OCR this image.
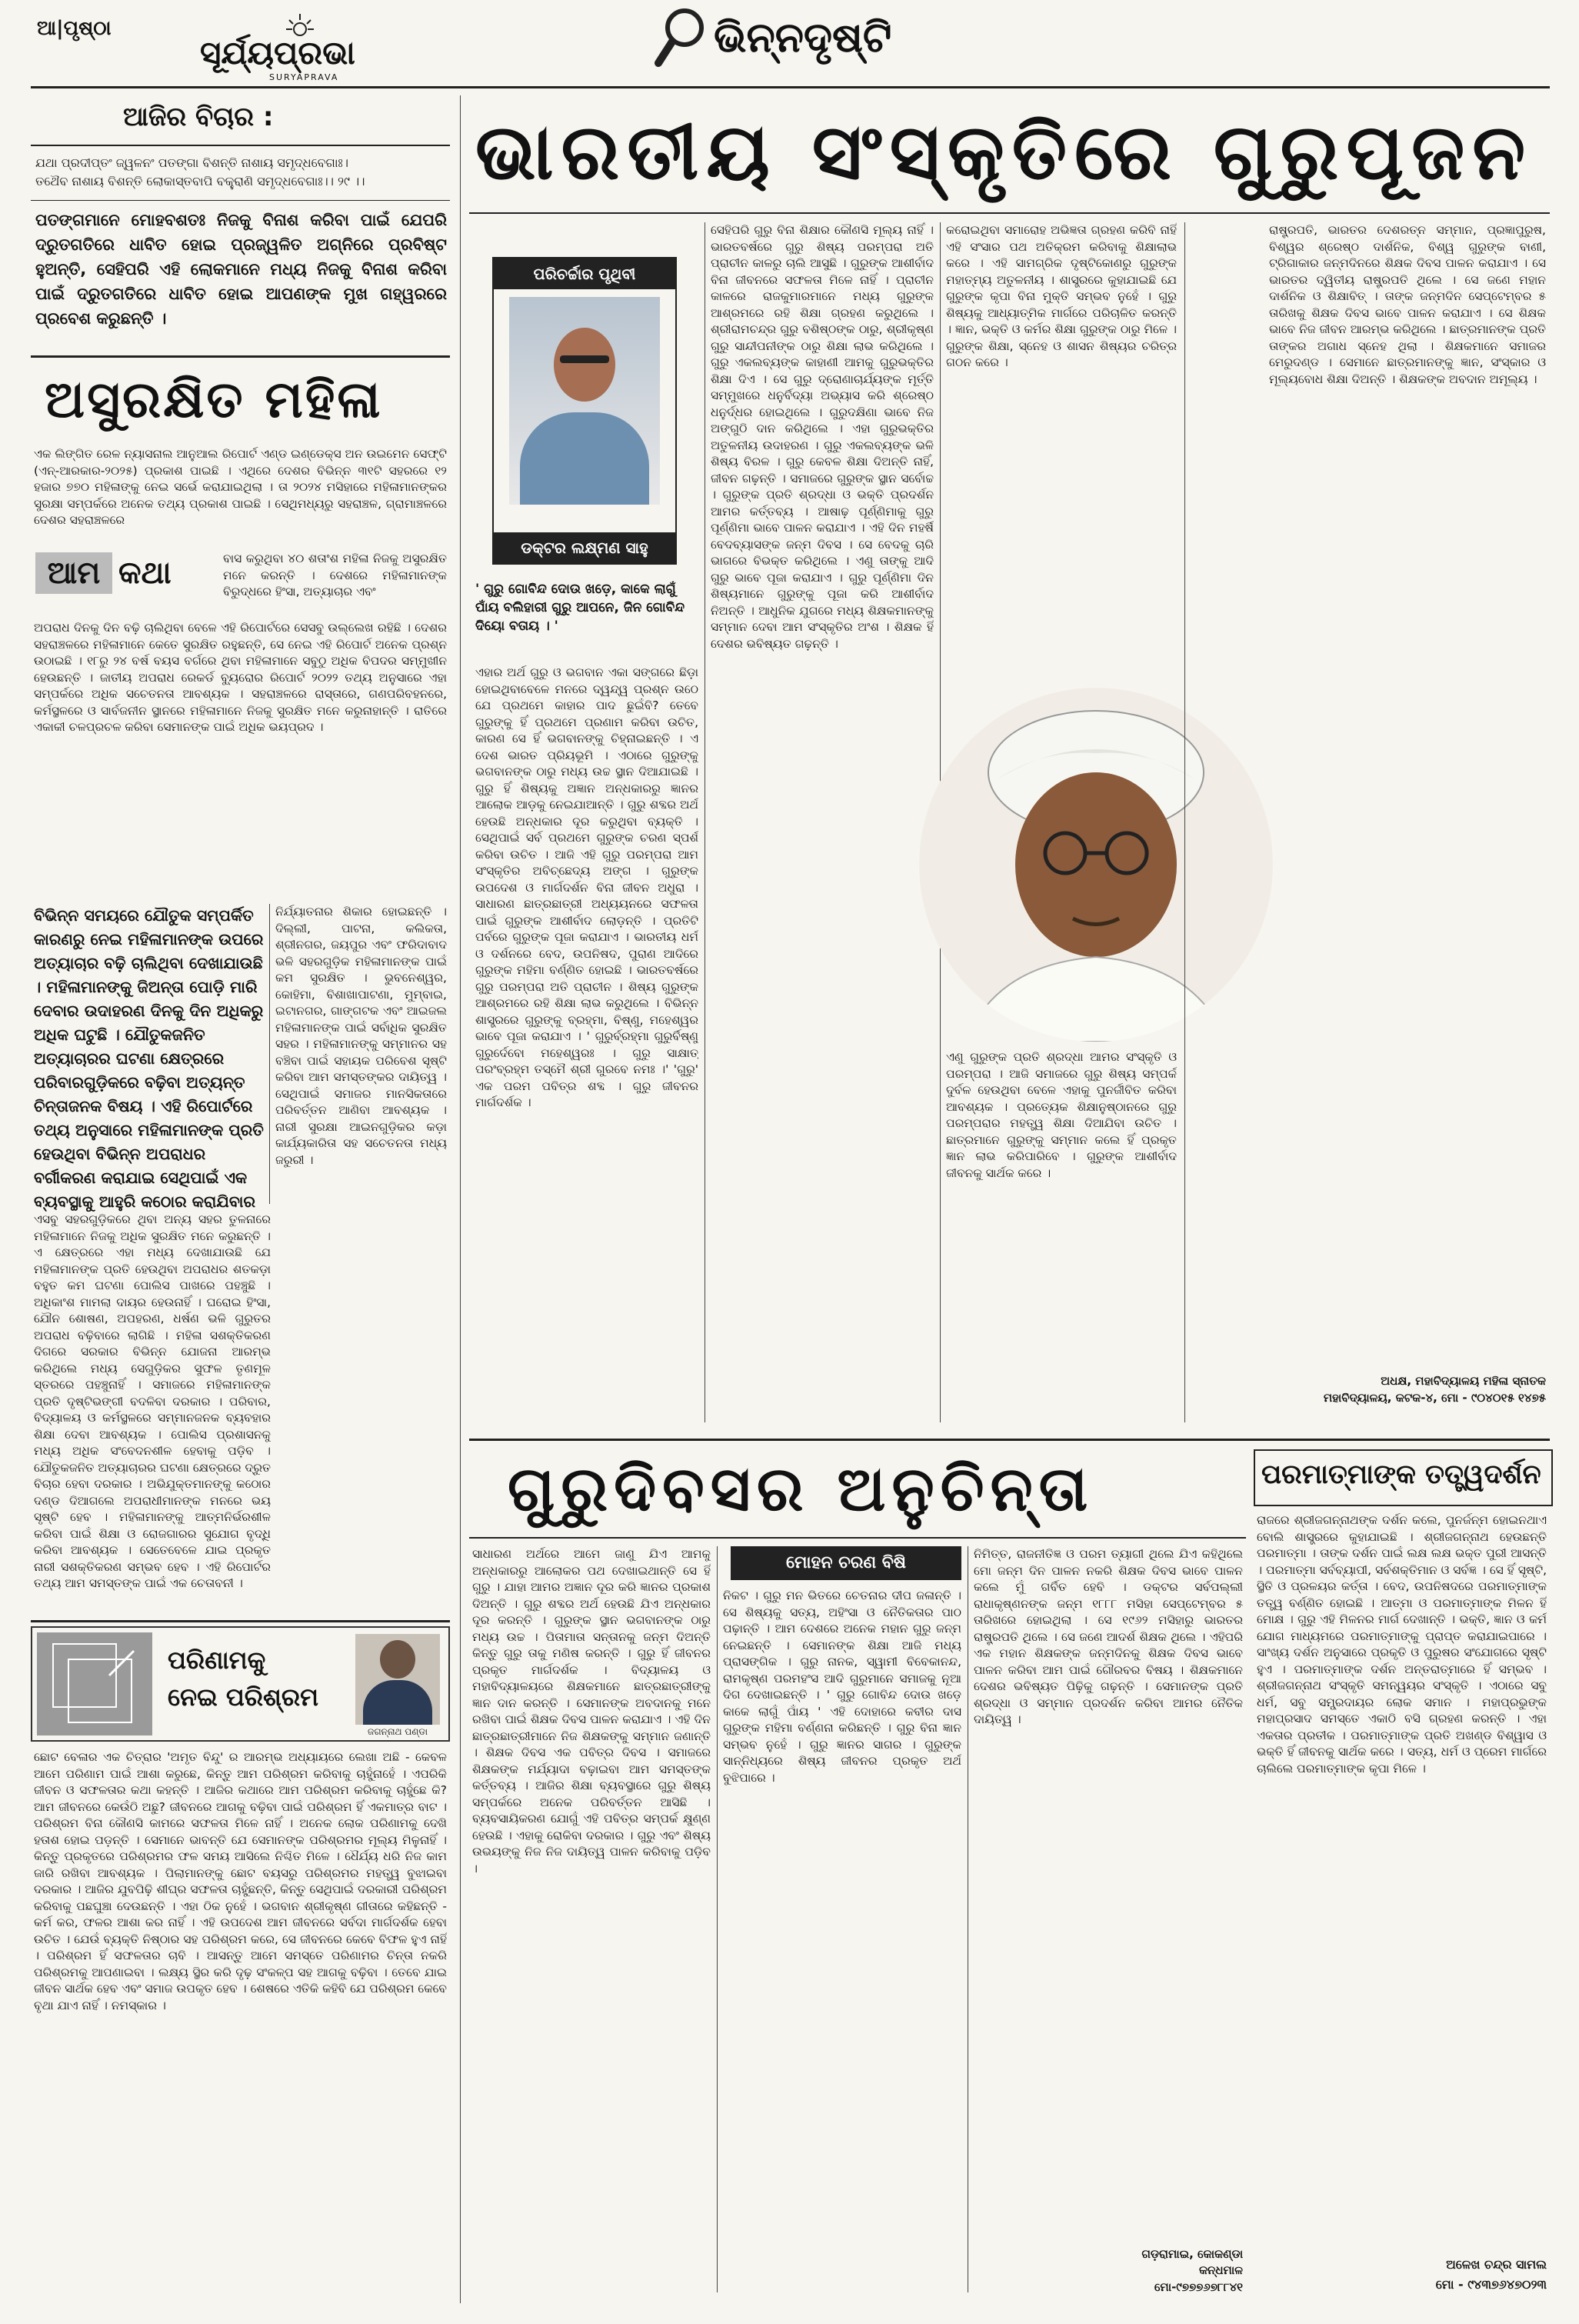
ଆ|ପୃଷ୍ଠା
ସୂର୍ଯ୍ୟପ୍ରଭା
SURYAPRAVA
ଭିନ୍ନଦୃଷ୍ଟି
ଆଜିର ବିଚାର :
ଯଥା ପ୍ରଦୀପ୍ତଂ ଜ୍ୱଳନଂ ପତଙ୍ଗା ବିଶନ୍ତି ନାଶାୟ ସମୃଦ୍ଧବେଗାଃ।
ତଥୈବ ନାଶାୟ ବିଶନ୍ତି ଲୋକାସ୍ତବାପି ବକ୍ତ୍ରାଣି ସମୃଦ୍ଧବେଗାଃ।। ୨୯ ।।
ପତଙ୍ଗମାନେ ମୋହବଶତଃ ନିଜକୁ ବିନାଶ କରିବା ପାଇଁ ଯେପରି ଦ୍ରୁତଗତିରେ ଧାବିତ ହୋଇ ପ୍ରଜ୍ୱଳିତ ଅଗ୍ନିରେ ପ୍ରବିଷ୍ଟ ହୁଅନ୍ତି, ସେହିପରି ଏହି ଲୋକମାନେ ମଧ୍ୟ ନିଜକୁ ବିନାଶ କରିବା ପାଇଁ ଦ୍ରୁତଗତିରେ ଧାବିତ ହୋଇ ଆପଣଙ୍କ ମୁଖ ଗହ୍ୱରରେ ପ୍ରବେଶ କରୁଛନ୍ତି ।
ଅସୁରକ୍ଷିତ ମହିଳା
ଏକ ଲିଙ୍ଗିତ ରେଳ ନ୍ୟାସନାଲ ଆନୁଆଲ ରିପୋର୍ଟ ଏଣ୍ଡ ଇଣ୍ଡେକ୍ସ ଅନ ଉଇମେନ ସେଫ୍ଟି (ଏନ୍-ଆରକାର-୨୦୨୫) ପ୍ରକାଶ ପାଇଛି । ଏଥିରେ ଦେଶର ବିଭିନ୍ନ ୩୧ଟି ସହରରେ ୧୨ ହଜାର ୭୭୦ ମହିଳାଙ୍କୁ ନେଇ ସର୍ଭେ କରାଯାଇଥିଲା । ତା ୨୦୨୪ ମସିହାରେ ମହିଳାମାନଙ୍କର ସୁରକ୍ଷା ସମ୍ପର୍କରେ ଅନେକ ତଥ୍ୟ ପ୍ରକାଶ ପାଇଛି । ସେଥିମଧ୍ୟରୁ ସହରାଞ୍ଚଳ, ଗ୍ରାମାଞ୍ଚଳରେ ଦେଶର ସହରାଞ୍ଚଳରେ
ଆମ କଥା	ବାସ କରୁଥିବା ୪୦ ଶତାଂଶ ମହିଳା ନିଜକୁ ଅସୁରକ୍ଷିତ ମନେ କରନ୍ତି । ଦେଶରେ ମହିଳାମାନଙ୍କ ବିରୁଦ୍ଧରେ ହିଂସା, ଅତ୍ୟାଚାର ଏବଂ
ଅପରାଧ ଦିନକୁ ଦିନ ବଢ଼ି ଚାଲିଥିବା ବେଳେ ଏହି ରିପୋର୍ଟରେ ସେସବୁ ଉଲ୍ଲେଖ ରହିଛି । ଦେଶର ସହରାଞ୍ଚଳରେ ମହିଳାମାନେ କେତେ ସୁରକ୍ଷିତ ରହୁଛନ୍ତି, ସେ ନେଇ ଏହି ରିପୋର୍ଟ ଅନେକ ପ୍ରଶ୍ନ ଉଠାଇଛି । ୧୮ରୁ ୨୪ ବର୍ଷ ବୟସ ବର୍ଗରେ ଥିବା ମହିଳାମାନେ ସବୁଠୁ ଅଧିକ ବିପଦର ସମ୍ମୁଖୀନ ହେଉଛନ୍ତି । ଜାତୀୟ ଅପରାଧ ରେକର୍ଡ ବ୍ୟୁରୋର ରିପୋର୍ଟ ୨୦୨୨ ତଥ୍ୟ ଅନୁସାରେ ଏହା ସମ୍ପର୍କରେ ଅଧିକ ସଚେତନତା ଆବଶ୍ୟକ । ସହରାଞ୍ଚଳରେ ରାସ୍ତାରେ, ଗଣପରିବହନରେ, କର୍ମସ୍ଥଳରେ ଓ ସାର୍ବଜନୀନ ସ୍ଥାନରେ ମହିଳାମାନେ ନିଜକୁ ସୁରକ୍ଷିତ ମନେ କରୁନାହାନ୍ତି । ରାତିରେ ଏକାକୀ ଚଳପ୍ରଚଳ କରିବା ସେମାନଙ୍କ ପାଇଁ ଅଧିକ ଭୟପ୍ରଦ ।
ବିଭିନ୍ନ ସମୟରେ ଯୌତୁକ ସମ୍ପର୍କିତ କାରଣରୁ ନେଇ ମହିଳାମାନଙ୍କ ଉପରେ ଅତ୍ୟାଚାର ବଢ଼ି ଚାଲିଥିବା ଦେଖାଯାଉଛି । ମହିଳାମାନଙ୍କୁ ଜିଅନ୍ତା ପୋଡ଼ି ମାରି ଦେବାର ଉଦାହରଣ ଦିନକୁ ଦିନ ଅଧିକରୁ ଅଧିକ ଘଟୁଛି । ଯୌତୁକଜନିତ ଅତ୍ୟାଚାରର ଘଟଣା କ୍ଷେତ୍ରରେ ପରିବାରଗୁଡ଼ିକରେ ବଢ଼ିବା ଅତ୍ୟନ୍ତ ଚିନ୍ତାଜନକ ବିଷୟ । ଏହି ରିପୋର୍ଟରେ ତଥ୍ୟ ଅନୁସାରେ ମହିଳାମାନଙ୍କ ପ୍ରତି ହେଉଥିବା ବିଭିନ୍ନ ଅପରାଧର ବର୍ଗୀକରଣ କରାଯାଇ ସେଥିପାଇଁ ଏକ ବ୍ୟବସ୍ଥାକୁ ଆହୁରି କଠୋର କରାଯିବାର
ନିର୍ଯ୍ୟାତନାର ଶିକାର ହୋଇଛନ୍ତି । ଦିଲ୍ଲୀ, ପାଟନା, କଲିକତା, ଶ୍ରୀନଗର, ଜୟପୁର ଏବଂ ଫରିଦାବାଦ ଭଳି ସହରଗୁଡ଼ିକ ମହିଳାମାନଙ୍କ ପାଇଁ କମ ସୁରକ୍ଷିତ । ଭୁବନେଶ୍ୱର, କୋହିମା, ବିଶାଖାପାଟଣା, ମୁମ୍ବାଇ, ଇଟାନଗର, ଗାଙ୍ଗଟକ ଏବଂ ଆଇଜଲ ମହିଳାମାନଙ୍କ ପାଇଁ ସର୍ବାଧିକ ସୁରକ୍ଷିତ ସହର । ମହିଳାମାନଙ୍କୁ ସମ୍ମାନର ସହ ବଞ୍ଚିବା ପାଇଁ ସହାୟକ ପରିବେଶ ସୃଷ୍ଟି କରିବା ଆମ ସମସ୍ତଙ୍କର ଦାୟିତ୍ୱ । ସେଥିପାଇଁ ସମାଜର ମାନସିକତାରେ ପରିବର୍ତ୍ତନ ଆଣିବା ଆବଶ୍ୟକ । ନାରୀ ସୁରକ୍ଷା ଆଇନଗୁଡ଼ିକର କଡ଼ା କାର୍ଯ୍ୟକାରିତା ସହ ସଚେତନତା ମଧ୍ୟ ଜରୁରୀ ।
ଏସବୁ ସହରଗୁଡ଼ିକରେ ଥିବା ଅନ୍ୟ ସହର ତୁଳନାରେ ମହିଳାମାନେ ନିଜକୁ ଅଧିକ ସୁରକ୍ଷିତ ମନେ କରୁଛନ୍ତି । ଏ କ୍ଷେତ୍ରରେ ଏହା ମଧ୍ୟ ଦେଖାଯାଉଛି ଯେ ମହିଳାମାନଙ୍କ ପ୍ରତି ହେଉଥିବା ଅପରାଧର ଶତକଡ଼ା ବହୁତ କମ ଘଟଣା ପୋଲିସ ପାଖରେ ପହଞ୍ଚୁଛି । ଅଧିକାଂଶ ମାମଲା ଦାୟର ହେଉନାହିଁ । ଘରୋଇ ହିଂସା, ଯୌନ ଶୋଷଣ, ଅପହରଣ, ଧର୍ଷଣ ଭଳି ଗୁରୁତର ଅପରାଧ ବଢ଼ିବାରେ ଲାଗିଛି । ମହିଳା ସଶକ୍ତିକରଣ ଦିଗରେ ସରକାର ବିଭିନ୍ନ ଯୋଜନା ଆରମ୍ଭ କରିଥିଲେ ମଧ୍ୟ ସେଗୁଡ଼ିକର ସୁଫଳ ତୃଣମୂଳ ସ୍ତରରେ ପହଞ୍ଚୁନାହିଁ । ସମାଜରେ ମହିଳାମାନଙ୍କ ପ୍ରତି ଦୃଷ୍ଟିଭଙ୍ଗୀ ବଦଳିବା ଦରକାର । ପରିବାର, ବିଦ୍ୟାଳୟ ଓ କର୍ମସ୍ଥଳରେ ସମ୍ମାନଜନକ ବ୍ୟବହାର ଶିକ୍ଷା ଦେବା ଆବଶ୍ୟକ । ପୋଲିସ ପ୍ରଶାସନକୁ ମଧ୍ୟ ଅଧିକ ସଂବେଦନଶୀଳ ହେବାକୁ ପଡ଼ିବ । ଯୌତୁକଜନିତ ଅତ୍ୟାଚାରର ଘଟଣା କ୍ଷେତ୍ରରେ ଦ୍ରୁତ ବିଚାର ହେବା ଦରକାର । ଅଭିଯୁକ୍ତମାନଙ୍କୁ କଠୋର ଦଣ୍ଡ ଦିଆଗଲେ ଅପରାଧୀମାନଙ୍କ ମନରେ ଭୟ ସୃଷ୍ଟି ହେବ । ମହିଳାମାନଙ୍କୁ ଆତ୍ମନିର୍ଭରଶୀଳ କରିବା ପାଇଁ ଶିକ୍ଷା ଓ ରୋଜଗାରର ସୁଯୋଗ ବୃଦ୍ଧି କରିବା ଆବଶ୍ୟକ । ସେତେବେଳେ ଯାଇ ପ୍ରକୃତ ନାରୀ ସଶକ୍ତିକରଣ ସମ୍ଭବ ହେବ । ଏହି ରିପୋର୍ଟର ତଥ୍ୟ ଆମ ସମସ୍ତଙ୍କ ପାଇଁ ଏକ ଚେତାବନୀ ।
ପରିଣାମକୁ
ନେଇ ପରିଶ୍ରମ
ଜଗନ୍ନାଥ ପଣ୍ଡା
ଛୋଟ ବେଳାର ଏକ ଚିତ୍ରାର 'ଅମୃତ ବିନ୍ଦୁ' ର ଆରମ୍ଭ ଅଧ୍ୟାୟରେ ଲେଖା ଅଛି - କେବଳ ଆମେ ପରିଣାମ ପାଇଁ ଆଶା କରୁଛେ, କିନ୍ତୁ ଆମ ପରିଶ୍ରମ କରିବାକୁ ଚାହୁଁନାହେଁ । ଏପରିକି ଜୀବନ ଓ ସଫଳତାର କଥା କହନ୍ତି । ଆଜିର କଥାରେ ଆମ ପରିଶ୍ରମ କରିବାକୁ ଚାହୁଁଛେ କି? ଆମ ଜୀବନରେ କେଉଁଠି ଅଛୁ? ଜୀବନରେ ଆଗକୁ ବଢ଼ିବା ପାଇଁ ପରିଶ୍ରମ ହିଁ ଏକମାତ୍ର ବାଟ । ପରିଶ୍ରମ ବିନା କୌଣସି କାମରେ ସଫଳତା ମିଳେ ନାହିଁ । ଅନେକ ଲୋକ ପରିଣାମକୁ ଦେଖି ହତାଶ ହୋଇ ପଡ଼ନ୍ତି । ସେମାନେ ଭାବନ୍ତି ଯେ ସେମାନଙ୍କ ପରିଶ୍ରମର ମୂଲ୍ୟ ମିଳୁନାହିଁ । କିନ୍ତୁ ପ୍ରକୃତରେ ପରିଶ୍ରମର ଫଳ ସମୟ ଆସିଲେ ନିଶ୍ଚିତ ମିଳେ । ଧୈର୍ଯ୍ୟ ଧରି ନିଜ କାମ ଜାରି ରଖିବା ଆବଶ୍ୟକ । ପିଲାମାନଙ୍କୁ ଛୋଟ ବୟସରୁ ପରିଶ୍ରମର ମହତ୍ତ୍ୱ ବୁଝାଇବା ଦରକାର । ଆଜିର ଯୁବପିଢ଼ି ଶୀଘ୍ର ସଫଳତା ଚାହୁଁଛନ୍ତି, କିନ୍ତୁ ସେଥିପାଇଁ ଦରକାରୀ ପରିଶ୍ରମ କରିବାକୁ ପଛଘୁଞ୍ଚା ଦେଉଛନ୍ତି । ଏହା ଠିକ ନୁହେଁ । ଭଗବାନ ଶ୍ରୀକୃଷ୍ଣ ଗୀତାରେ କହିଛନ୍ତି - କର୍ମ କର, ଫଳର ଆଶା କର ନାହିଁ । ଏହି ଉପଦେଶ ଆମ ଜୀବନରେ ସର୍ବଦା ମାର୍ଗଦର୍ଶକ ହେବା ଉଚିତ । ଯେଉଁ ବ୍ୟକ୍ତି ନିଷ୍ଠାର ସହ ପରିଶ୍ରମ କରେ, ସେ ଜୀବନରେ କେବେ ବିଫଳ ହୁଏ ନାହିଁ । ପରିଶ୍ରମ ହିଁ ସଫଳତାର ଚାବି । ଆସନ୍ତୁ ଆମେ ସମସ୍ତେ ପରିଣାମର ଚିନ୍ତା ନକରି ପରିଶ୍ରମକୁ ଆପଣାଇବା । ଲକ୍ଷ୍ୟ ସ୍ଥିର କରି ଦୃଢ଼ ସଂକଳ୍ପ ସହ ଆଗକୁ ବଢ଼ିବା । ତେବେ ଯାଇ ଜୀବନ ସାର୍ଥକ ହେବ ଏବଂ ସମାଜ ଉପକୃତ ହେବ । ଶେଷରେ ଏତିକି କହିବି ଯେ ପରିଶ୍ରମ କେବେ ବୃଥା ଯାଏ ନାହିଁ । ନମସ୍କାର ।
ଭାରତୀୟ ସଂସ୍କୃତିରେ ଗୁରୁପୂଜନ
ପରିଚର୍ଚ୍ଚାର ପୃଥିବୀ
ଡକ୍ଟର ଲକ୍ଷ୍ମଣ ସାହୁ
' ଗୁରୁ ଗୋବିନ୍ଦ ଦୋଉ ଖଡ଼େ, କାକେ ଲାଗୁଁ ପାଁୟ ବଲିହାରୀ ଗୁରୁ ଆପନେ, ଜିନ ଗୋବିନ୍ଦ ଦିୟୋ ବତାୟ । '
ଏହାର ଅର୍ଥ ଗୁରୁ ଓ ଭଗବାନ ଏକା ସଙ୍ଗରେ ଛିଡ଼ା ହୋଇଥିବାବେଳେ ମନରେ ଦ୍ୱନ୍ଦ୍ୱ ପ୍ରଶ୍ନ ଉଠେ ଯେ ପ୍ରଥମେ କାହାର ପାଦ ଛୁଇଁବି? ତେବେ ଗୁରୁଙ୍କୁ ହିଁ ପ୍ରଥମେ ପ୍ରଣାମ କରିବା ଉଚିତ, କାରଣ ସେ ହିଁ ଭଗବାନଙ୍କୁ ଚିହ୍ନାଇଛନ୍ତି । ଏ ଦେଶ ଭାରତ ପ୍ରିୟଭୂମି । ଏଠାରେ ଗୁରୁଙ୍କୁ ଭଗବାନଙ୍କ ଠାରୁ ମଧ୍ୟ ଉଚ୍ଚ ସ୍ଥାନ ଦିଆଯାଇଛି । ଗୁରୁ ହିଁ ଶିଷ୍ୟକୁ ଅଜ୍ଞାନ ଅନ୍ଧକାରରୁ ଜ୍ଞାନର ଆଲୋକ ଆଡ଼କୁ ନେଇଯାଆନ୍ତି । ଗୁରୁ ଶବ୍ଦର ଅର୍ଥ ହେଉଛି ଅନ୍ଧକାର ଦୂର କରୁଥିବା ବ୍ୟକ୍ତି । ସେଥିପାଇଁ ସର୍ବ ପ୍ରଥମେ ଗୁରୁଙ୍କ ଚରଣ ସ୍ପର୍ଶ କରିବା ଉଚିତ । ଆଜି ଏହି ଗୁରୁ ପରମ୍ପରା ଆମ ସଂସ୍କୃତିର ଅବିଚ୍ଛେଦ୍ୟ ଅଙ୍ଗ । ଗୁରୁଙ୍କ ଉପଦେଶ ଓ ମାର୍ଗଦର୍ଶନ ବିନା ଜୀବନ ଅଧୁରା । ସାଧାରଣ ଛାତ୍ରଛାତ୍ରୀ ଅଧ୍ୟୟନରେ ସଫଳତା ପାଇଁ ଗୁରୁଙ୍କ ଆଶୀର୍ବାଦ ଲୋଡ଼ନ୍ତି । ପ୍ରତିଟି ପର୍ବରେ ଗୁରୁଙ୍କ ପୂଜା କରାଯାଏ । ଭାରତୀୟ ଧର୍ମ ଓ ଦର୍ଶନରେ ବେଦ, ଉପନିଷଦ, ପୁରାଣ ଆଦିରେ ଗୁରୁଙ୍କ ମହିମା ବର୍ଣ୍ଣିତ ହୋଇଛି । ଭାରତବର୍ଷରେ ଗୁରୁ ପରମ୍ପରା ଅତି ପ୍ରାଚୀନ । ଶିଷ୍ୟ ଗୁରୁଙ୍କ ଆଶ୍ରମରେ ରହି ଶିକ୍ଷା ଲାଭ କରୁଥିଲେ । ବିଭିନ୍ନ ଶାସ୍ତ୍ରରେ ଗୁରୁଙ୍କୁ ବ୍ରହ୍ମା, ବିଷ୍ଣୁ, ମହେଶ୍ୱର ଭାବେ ପୂଜା କରାଯାଏ । ' ଗୁରୁର୍ବ୍ରହ୍ମା ଗୁରୁର୍ବିଷ୍ଣୁ ଗୁରୁର୍ଦେବୋ ମହେଶ୍ୱରଃ । ଗୁରୁ ସାକ୍ଷାତ୍ ପରଂବ୍ରହ୍ମ ତସ୍ମୈ ଶ୍ରୀ ଗୁରବେ ନମଃ ।' 'ଗୁରୁ' ଏକ ପରମ ପବିତ୍ର ଶବ୍ଦ । ଗୁରୁ ଜୀବନର ମାର୍ଗଦର୍ଶକ ।
ସେହିପରି ଗୁରୁ ବିନା ଶିକ୍ଷାର କୌଣସି ମୂଲ୍ୟ ନାହିଁ । ଭାରତବର୍ଷରେ ଗୁରୁ ଶିଷ୍ୟ ପରମ୍ପରା ଅତି ପ୍ରାଚୀନ କାଳରୁ ଚାଲି ଆସୁଛି । ଗୁରୁଙ୍କ ଆଶୀର୍ବାଦ ବିନା ଜୀବନରେ ସଫଳତା ମିଳେ ନାହିଁ । ପ୍ରାଚୀନ କାଳରେ ରାଜକୁମାରମାନେ ମଧ୍ୟ ଗୁରୁଙ୍କ ଆଶ୍ରମରେ ରହି ଶିକ୍ଷା ଗ୍ରହଣ କରୁଥିଲେ । ଶ୍ରୀରାମଚନ୍ଦ୍ର ଗୁରୁ ବଶିଷ୍ଠଙ୍କ ଠାରୁ, ଶ୍ରୀକୃଷ୍ଣ ଗୁରୁ ସାନ୍ଦୀପନୀଙ୍କ ଠାରୁ ଶିକ୍ଷା ଲାଭ କରିଥିଲେ । ଗୁରୁ ଏକଲବ୍ୟଙ୍କ କାହାଣୀ ଆମକୁ ଗୁରୁଭକ୍ତିର ଶିକ୍ଷା ଦିଏ । ସେ ଗୁରୁ ଦ୍ରୋଣାଚାର୍ଯ୍ୟଙ୍କ ମୂର୍ତ୍ତି ସମ୍ମୁଖରେ ଧନୁର୍ବିଦ୍ୟା ଅଭ୍ୟାସ କରି ଶ୍ରେଷ୍ଠ ଧନୁର୍ଦ୍ଧର ହୋଇଥିଲେ । ଗୁରୁଦକ୍ଷିଣା ଭାବେ ନିଜ ଅଙ୍ଗୁଠି ଦାନ କରିଥିଲେ । ଏହା ଗୁରୁଭକ୍ତିର ଅତୁଳନୀୟ ଉଦାହରଣ । ଗୁରୁ ଏକଲବ୍ୟଙ୍କ ଭଳି ଶିଷ୍ୟ ବିରଳ । ଗୁରୁ କେବଳ ଶିକ୍ଷା ଦିଅନ୍ତି ନାହିଁ, ଜୀବନ ଗଢ଼ନ୍ତି । ସମାଜରେ ଗୁରୁଙ୍କ ସ୍ଥାନ ସର୍ବୋଚ୍ଚ । ଗୁରୁଙ୍କ ପ୍ରତି ଶ୍ରଦ୍ଧା ଓ ଭକ୍ତି ପ୍ରଦର୍ଶନ ଆମର କର୍ତ୍ତବ୍ୟ । ଆଷାଢ଼ ପୂର୍ଣ୍ଣିମାକୁ ଗୁରୁ ପୂର୍ଣ୍ଣିମା ଭାବେ ପାଳନ କରାଯାଏ । ଏହି ଦିନ ମହର୍ଷି ବେଦବ୍ୟାସଙ୍କ ଜନ୍ମ ଦିବସ । ସେ ବେଦକୁ ଚାରି ଭାଗରେ ବିଭକ୍ତ କରିଥିଲେ । ଏଣୁ ତାଙ୍କୁ ଆଦି ଗୁରୁ ଭାବେ ପୂଜା କରାଯାଏ । ଗୁରୁ ପୂର୍ଣ୍ଣିମା ଦିନ ଶିଷ୍ୟମାନେ ଗୁରୁଙ୍କୁ ପୂଜା କରି ଆଶୀର୍ବାଦ ନିଅନ୍ତି । ଆଧୁନିକ ଯୁଗରେ ମଧ୍ୟ ଶିକ୍ଷକମାନଙ୍କୁ ସମ୍ମାନ ଦେବା ଆମ ସଂସ୍କୃତିର ଅଂଶ । ଶିକ୍ଷକ ହିଁ ଦେଶର ଭବିଷ୍ୟତ ଗଢ଼ନ୍ତି ।
କରୋଇଥିବା ସମାରୋହ ଅଭିଜ୍ଞତା ଗ୍ରହଣ କରିବି ନାହିଁ ଏହି ସଂସାର ପଥ ଅତିକ୍ରମ କରିବାକୁ ଶିକ୍ଷାଲାଭ କରେ । ଏହି ସାମଗ୍ରିକ ଦୃଷ୍ଟିକୋଣରୁ ଗୁରୁଙ୍କ ମହାତ୍ମ୍ୟ ଅତୁଳନୀୟ । ଶାସ୍ତ୍ରରେ କୁହାଯାଇଛି ଯେ ଗୁରୁଙ୍କ କୃପା ବିନା ମୁକ୍ତି ସମ୍ଭବ ନୁହେଁ । ଗୁରୁ ଶିଷ୍ୟକୁ ଆଧ୍ୟାତ୍ମିକ ମାର୍ଗରେ ପରିଚାଳିତ କରନ୍ତି । ଜ୍ଞାନ, ଭକ୍ତି ଓ କର୍ମର ଶିକ୍ଷା ଗୁରୁଙ୍କ ଠାରୁ ମିଳେ । ଗୁରୁଙ୍କ ଶିକ୍ଷା, ସ୍ନେହ ଓ ଶାସନ ଶିଷ୍ୟର ଚରିତ୍ର ଗଠନ କରେ ।
ଏଣୁ ଗୁରୁଙ୍କ ପ୍ରତି ଶ୍ରଦ୍ଧା ଆମର ସଂସ୍କୃତି ଓ ପରମ୍ପରା । ଆଜି ସମାଜରେ ଗୁରୁ ଶିଷ୍ୟ ସମ୍ପର୍କ ଦୁର୍ବଳ ହେଉଥିବା ବେଳେ ଏହାକୁ ପୁନର୍ଜୀବିତ କରିବା ଆବଶ୍ୟକ । ପ୍ରତ୍ୟେକ ଶିକ୍ଷାନୁଷ୍ଠାନରେ ଗୁରୁ ପରମ୍ପରାର ମହତ୍ତ୍ୱ ଶିକ୍ଷା ଦିଆଯିବା ଉଚିତ । ଛାତ୍ରମାନେ ଗୁରୁଙ୍କୁ ସମ୍ମାନ କଲେ ହିଁ ପ୍ରକୃତ ଜ୍ଞାନ ଲାଭ କରିପାରିବେ । ଗୁରୁଙ୍କ ଆଶୀର୍ବାଦ ଜୀବନକୁ ସାର୍ଥକ କରେ ।
ରାଷ୍ଟ୍ରପତି, ଭାରତର ଦେଶରତ୍ନ ସମ୍ମାନ, ପ୍ରଜ୍ଞାପୁରୁଷ, ବିଶ୍ୱର ଶ୍ରେଷ୍ଠ ଦାର୍ଶନିକ, ବିଶ୍ୱ ଗୁରୁଙ୍କ ବାଣୀ, ଟ୍ରିଗାକାର ଜନ୍ମଦିନରେ ଶିକ୍ଷକ ଦିବସ ପାଳନ କରାଯାଏ । ସେ ଭାରତର ଦ୍ୱିତୀୟ ରାଷ୍ଟ୍ରପତି ଥିଲେ । ସେ ଜଣେ ମହାନ ଦାର୍ଶନିକ ଓ ଶିକ୍ଷାବିତ୍ । ତାଙ୍କ ଜନ୍ମଦିନ ସେପ୍ଟେମ୍ବର ୫ ତାରିଖକୁ ଶିକ୍ଷକ ଦିବସ ଭାବେ ପାଳନ କରାଯାଏ । ସେ ଶିକ୍ଷକ ଭାବେ ନିଜ ଜୀବନ ଆରମ୍ଭ କରିଥିଲେ । ଛାତ୍ରମାନଙ୍କ ପ୍ରତି ତାଙ୍କର ଅଗାଧ ସ୍ନେହ ଥିଲା । ଶିକ୍ଷକମାନେ ସମାଜର ମେରୁଦଣ୍ଡ । ସେମାନେ ଛାତ୍ରମାନଙ୍କୁ ଜ୍ଞାନ, ସଂସ୍କାର ଓ ମୂଲ୍ୟବୋଧ ଶିକ୍ଷା ଦିଅନ୍ତି । ଶିକ୍ଷକଙ୍କ ଅବଦାନ ଅମୂଲ୍ୟ ।
ଅଧକ୍ଷ, ମହାବିଦ୍ୟାଳୟ ମହିଳା ସ୍ନାତକ ମହାବିଦ୍ୟାଳୟ, କଟକ-୪, ମୋ - ୯୦୪୦୧୫ ୧୪୭୫
ଗୁରୁଦିବସର ଅନୁଚିନ୍ତା
ସାଧାରଣ ଅର୍ଥରେ ଆମେ ଜାଣୁ ଯିଏ ଆମକୁ ଅନ୍ଧକାରରୁ ଆଲୋକର ପଥ ଦେଖାଇଥାନ୍ତି ସେ ହିଁ ଗୁରୁ । ଯାହା ଆମର ଅଜ୍ଞାନ ଦୂର କରି ଜ୍ଞାନର ପ୍ରକାଶ ଦିଅନ୍ତି । ଗୁରୁ ଶବ୍ଦର ଅର୍ଥ ହେଉଛି ଯିଏ ଅନ୍ଧକାର ଦୂର କରନ୍ତି । ଗୁରୁଙ୍କ ସ୍ଥାନ ଭଗବାନଙ୍କ ଠାରୁ ମଧ୍ୟ ଉଚ୍ଚ । ପିତାମାତା ସନ୍ତାନକୁ ଜନ୍ମ ଦିଅନ୍ତି କିନ୍ତୁ ଗୁରୁ ତାକୁ ମଣିଷ କରନ୍ତି । ଗୁରୁ ହିଁ ଜୀବନର ପ୍ରକୃତ ମାର୍ଗଦର୍ଶକ । ବିଦ୍ୟାଳୟ ଓ ମହାବିଦ୍ୟାଳୟରେ ଶିକ୍ଷକମାନେ ଛାତ୍ରଛାତ୍ରୀଙ୍କୁ ଜ୍ଞାନ ଦାନ କରନ୍ତି । ସେମାନଙ୍କ ଅବଦାନକୁ ମନେ ରଖିବା ପାଇଁ ଶିକ୍ଷକ ଦିବସ ପାଳନ କରାଯାଏ । ଏହି ଦିନ ଛାତ୍ରଛାତ୍ରୀମାନେ ନିଜ ଶିକ୍ଷକଙ୍କୁ ସମ୍ମାନ ଜଣାନ୍ତି । ଶିକ୍ଷକ ଦିବସ ଏକ ପବିତ୍ର ଦିବସ । ସମାଜରେ ଶିକ୍ଷକଙ୍କ ମର୍ଯ୍ୟାଦା ବଢ଼ାଇବା ଆମ ସମସ୍ତଙ୍କ କର୍ତ୍ତବ୍ୟ । ଆଜିର ଶିକ୍ଷା ବ୍ୟବସ୍ଥାରେ ଗୁରୁ ଶିଷ୍ୟ ସମ୍ପର୍କରେ ଅନେକ ପରିବର୍ତ୍ତନ ଆସିଛି । ବ୍ୟବସାୟିକରଣ ଯୋଗୁଁ ଏହି ପବିତ୍ର ସମ୍ପର୍କ କ୍ଷୁଣ୍ଣ ହେଉଛି । ଏହାକୁ ରୋକିବା ଦରକାର । ଗୁରୁ ଏବଂ ଶିଷ୍ୟ ଉଭୟଙ୍କୁ ନିଜ ନିଜ ଦାୟିତ୍ୱ ପାଳନ କରିବାକୁ ପଡ଼ିବ ।
ମୋହନ ଚରଣ ବିଷି
ନିକଟ । ଗୁରୁ ମନ ଭିତରେ ଚେତନାର ଦୀପ ଜଳାନ୍ତି । ସେ ଶିଷ୍ୟକୁ ସତ୍ୟ, ଅହିଂସା ଓ ନୈତିକତାର ପାଠ ପଢ଼ାନ୍ତି । ଆମ ଦେଶରେ ଅନେକ ମହାନ ଗୁରୁ ଜନ୍ମ ନେଇଛନ୍ତି । ସେମାନଙ୍କ ଶିକ୍ଷା ଆଜି ମଧ୍ୟ ପ୍ରାସଙ୍ଗିକ । ଗୁରୁ ନାନକ, ସ୍ୱାମୀ ବିବେକାନନ୍ଦ, ରାମକୃଷ୍ଣ ପରମହଂସ ଆଦି ଗୁରୁମାନେ ସମାଜକୁ ନୂଆ ଦିଗ ଦେଖାଇଛନ୍ତି । ' ଗୁରୁ ଗୋବିନ୍ଦ ଦୋଉ ଖଡ଼େ କାକେ ଲାଗୁଁ ପାଁୟ ' ଏହି ଦୋହାରେ କବୀର ଦାସ ଗୁରୁଙ୍କ ମହିମା ବର୍ଣ୍ଣନା କରିଛନ୍ତି । ଗୁରୁ ବିନା ଜ୍ଞାନ ସମ୍ଭବ ନୁହେଁ । ଗୁରୁ ଜ୍ଞାନର ସାଗର । ଗୁରୁଙ୍କ ସାନ୍ନିଧ୍ୟରେ ଶିଷ୍ୟ ଜୀବନର ପ୍ରକୃତ ଅର୍ଥ ବୁଝିପାରେ ।
ନିମିତ୍ତ, ରାଜନୀତିଜ୍ଞ ଓ ପରମ ତ୍ୟାଗୀ ଥିଲେ ଯିଏ କହିଥିଲେ ମୋ ଜନ୍ମ ଦିନ ପାଳନ ନକରି ଶିକ୍ଷକ ଦିବସ ଭାବେ ପାଳନ କଲେ ମୁଁ ଗର୍ବିତ ହେବି । ଡକ୍ଟର ସର୍ବପଲ୍ଲୀ ରାଧାକୃଷ୍ଣନଙ୍କ ଜନ୍ମ ୧୮୮୮ ମସିହା ସେପ୍ଟେମ୍ବର ୫ ତାରିଖରେ ହୋଇଥିଲା । ସେ ୧୯୬୨ ମସିହାରୁ ଭାରତର ରାଷ୍ଟ୍ରପତି ଥିଲେ । ସେ ଜଣେ ଆଦର୍ଶ ଶିକ୍ଷକ ଥିଲେ । ଏହିପରି ଏକ ମହାନ ଶିକ୍ଷକଙ୍କ ଜନ୍ମଦିନକୁ ଶିକ୍ଷକ ଦିବସ ଭାବେ ପାଳନ କରିବା ଆମ ପାଇଁ ଗୌରବର ବିଷୟ । ଶିକ୍ଷକମାନେ ଦେଶର ଭବିଷ୍ୟତ ପିଢ଼ିକୁ ଗଢ଼ନ୍ତି । ସେମାନଙ୍କ ପ୍ରତି ଶ୍ରଦ୍ଧା ଓ ସମ୍ମାନ ପ୍ରଦର୍ଶନ କରିବା ଆମର ନୈତିକ ଦାୟିତ୍ୱ ।
ଗଡ଼ରାମାଇ, କୋକଣ୍ଡା
କନ୍ଧମାଳ
ମୋ-୯୭୭୭୬୭୮୮୪୧
ପରମାତ୍ମାଙ୍କ ତତ୍ତ୍ୱଦର୍ଶନ
ରାଜରେ ଶ୍ରୀଜଗନ୍ନାଥଙ୍କ ଦର୍ଶନ କଲେ, ପୁନର୍ଜନ୍ମ ହୋଇନଥାଏ ବୋଲି ଶାସ୍ତ୍ରରେ କୁହାଯାଇଛି । ଶ୍ରୀଜଗନ୍ନାଥ ହେଉଛନ୍ତି ପରମାତ୍ମା । ତାଙ୍କ ଦର୍ଶନ ପାଇଁ ଲକ୍ଷ ଲକ୍ଷ ଭକ୍ତ ପୁରୀ ଆସନ୍ତି । ପରମାତ୍ମା ସର୍ବବ୍ୟାପୀ, ସର୍ବଶକ୍ତିମାନ ଓ ସର୍ବଜ୍ଞ । ସେ ହିଁ ସୃଷ୍ଟି, ସ୍ଥିତି ଓ ପ୍ରଳୟର କର୍ତ୍ତା । ବେଦ, ଉପନିଷଦରେ ପରମାତ୍ମାଙ୍କ ତତ୍ତ୍ୱ ବର୍ଣ୍ଣିତ ହୋଇଛି । ଆତ୍ମା ଓ ପରମାତ୍ମାଙ୍କ ମିଳନ ହିଁ ମୋକ୍ଷ । ଗୁରୁ ଏହି ମିଳନର ମାର୍ଗ ଦେଖାନ୍ତି । ଭକ୍ତି, ଜ୍ଞାନ ଓ କର୍ମ ଯୋଗ ମାଧ୍ୟମରେ ପରମାତ୍ମାଙ୍କୁ ପ୍ରାପ୍ତ କରାଯାଇପାରେ । ସାଂଖ୍ୟ ଦର୍ଶନ ଅନୁସାରେ ପ୍ରକୃତି ଓ ପୁରୁଷର ସଂଯୋଗରେ ସୃଷ୍ଟି ହୁଏ । ପରମାତ୍ମାଙ୍କ ଦର୍ଶନ ଅନ୍ତରାତ୍ମାରେ ହିଁ ସମ୍ଭବ । ଶ୍ରୀଜଗନ୍ନାଥ ସଂସ୍କୃତି ସମନ୍ୱୟର ସଂସ୍କୃତି । ଏଠାରେ ସବୁ ଧର୍ମ, ସବୁ ସମ୍ପ୍ରଦାୟର ଲୋକ ସମାନ । ମହାପ୍ରଭୁଙ୍କ ମହାପ୍ରସାଦ ସମସ୍ତେ ଏକାଠି ବସି ଗ୍ରହଣ କରନ୍ତି । ଏହା ଏକତାର ପ୍ରତୀକ । ପରମାତ୍ମାଙ୍କ ପ୍ରତି ଅଖଣ୍ଡ ବିଶ୍ୱାସ ଓ ଭକ୍ତି ହିଁ ଜୀବନକୁ ସାର୍ଥକ କରେ । ସତ୍ୟ, ଧର୍ମ ଓ ପ୍ରେମ ମାର୍ଗରେ ଚାଲିଲେ ପରମାତ୍ମାଙ୍କ କୃପା ମିଳେ ।
ଅଳେଖ ଚନ୍ଦ୍ର ସାମଲ
ମୋ - ୯୪୩୭୬୪୭୦୨୩
